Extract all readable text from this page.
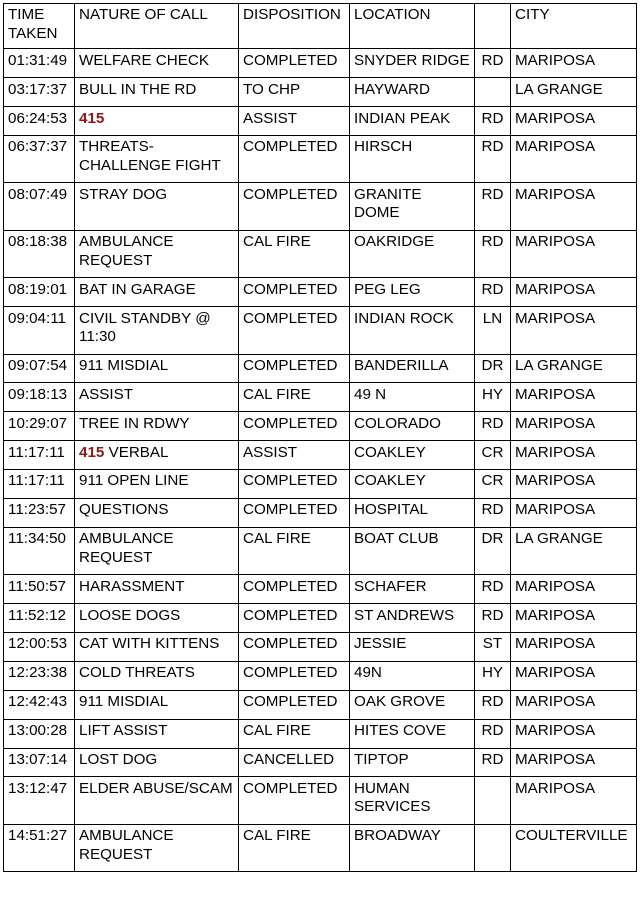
TIME TAKEN	NATURE OF CALL	DISPOSITION	LOCATION		CITY
01:31:49	WELFARE CHECK	COMPLETED	SNYDER RIDGE	RD	MARIPOSA
03:17:37	BULL IN THE RD	TO CHP	HAYWARD		LA GRANGE
06:24:53	415	ASSIST	INDIAN PEAK	RD	MARIPOSA
06:37:37	THREATS- CHALLENGE FIGHT	COMPLETED	HIRSCH	RD	MARIPOSA
08:07:49	STRAY DOG	COMPLETED	GRANITE DOME	RD	MARIPOSA
08:18:38	AMBULANCE REQUEST	CAL FIRE	OAKRIDGE	RD	MARIPOSA
08:19:01	BAT IN GARAGE	COMPLETED	PEG LEG	RD	MARIPOSA
09:04:11	CIVIL STANDBY @ 11:30	COMPLETED	INDIAN ROCK	LN	MARIPOSA
09:07:54	911 MISDIAL	COMPLETED	BANDERILLA	DR	LA GRANGE
09:18:13	ASSIST	CAL FIRE	49 N	HY	MARIPOSA
10:29:07	TREE IN RDWY	COMPLETED	COLORADO	RD	MARIPOSA
11:17:11	415 VERBAL	ASSIST	COAKLEY	CR	MARIPOSA
11:17:11	911 OPEN LINE	COMPLETED	COAKLEY	CR	MARIPOSA
11:23:57	QUESTIONS	COMPLETED	HOSPITAL	RD	MARIPOSA
11:34:50	AMBULANCE REQUEST	CAL FIRE	BOAT CLUB	DR	LA GRANGE
11:50:57	HARASSMENT	COMPLETED	SCHAFER	RD	MARIPOSA
11:52:12	LOOSE DOGS	COMPLETED	ST ANDREWS	RD	MARIPOSA
12:00:53	CAT WITH KITTENS	COMPLETED	JESSIE	ST	MARIPOSA
12:23:38	COLD THREATS	COMPLETED	49N	HY	MARIPOSA
12:42:43	911 MISDIAL	COMPLETED	OAK GROVE	RD	MARIPOSA
13:00:28	LIFT ASSIST	CAL FIRE	HITES COVE	RD	MARIPOSA
13:07:14	LOST DOG	CANCELLED	TIPTOP	RD	MARIPOSA
13:12:47	ELDER ABUSE/SCAM	COMPLETED	HUMAN SERVICES		MARIPOSA
14:51:27	AMBULANCE REQUEST	CAL FIRE	BROADWAY		COULTERVILLE
